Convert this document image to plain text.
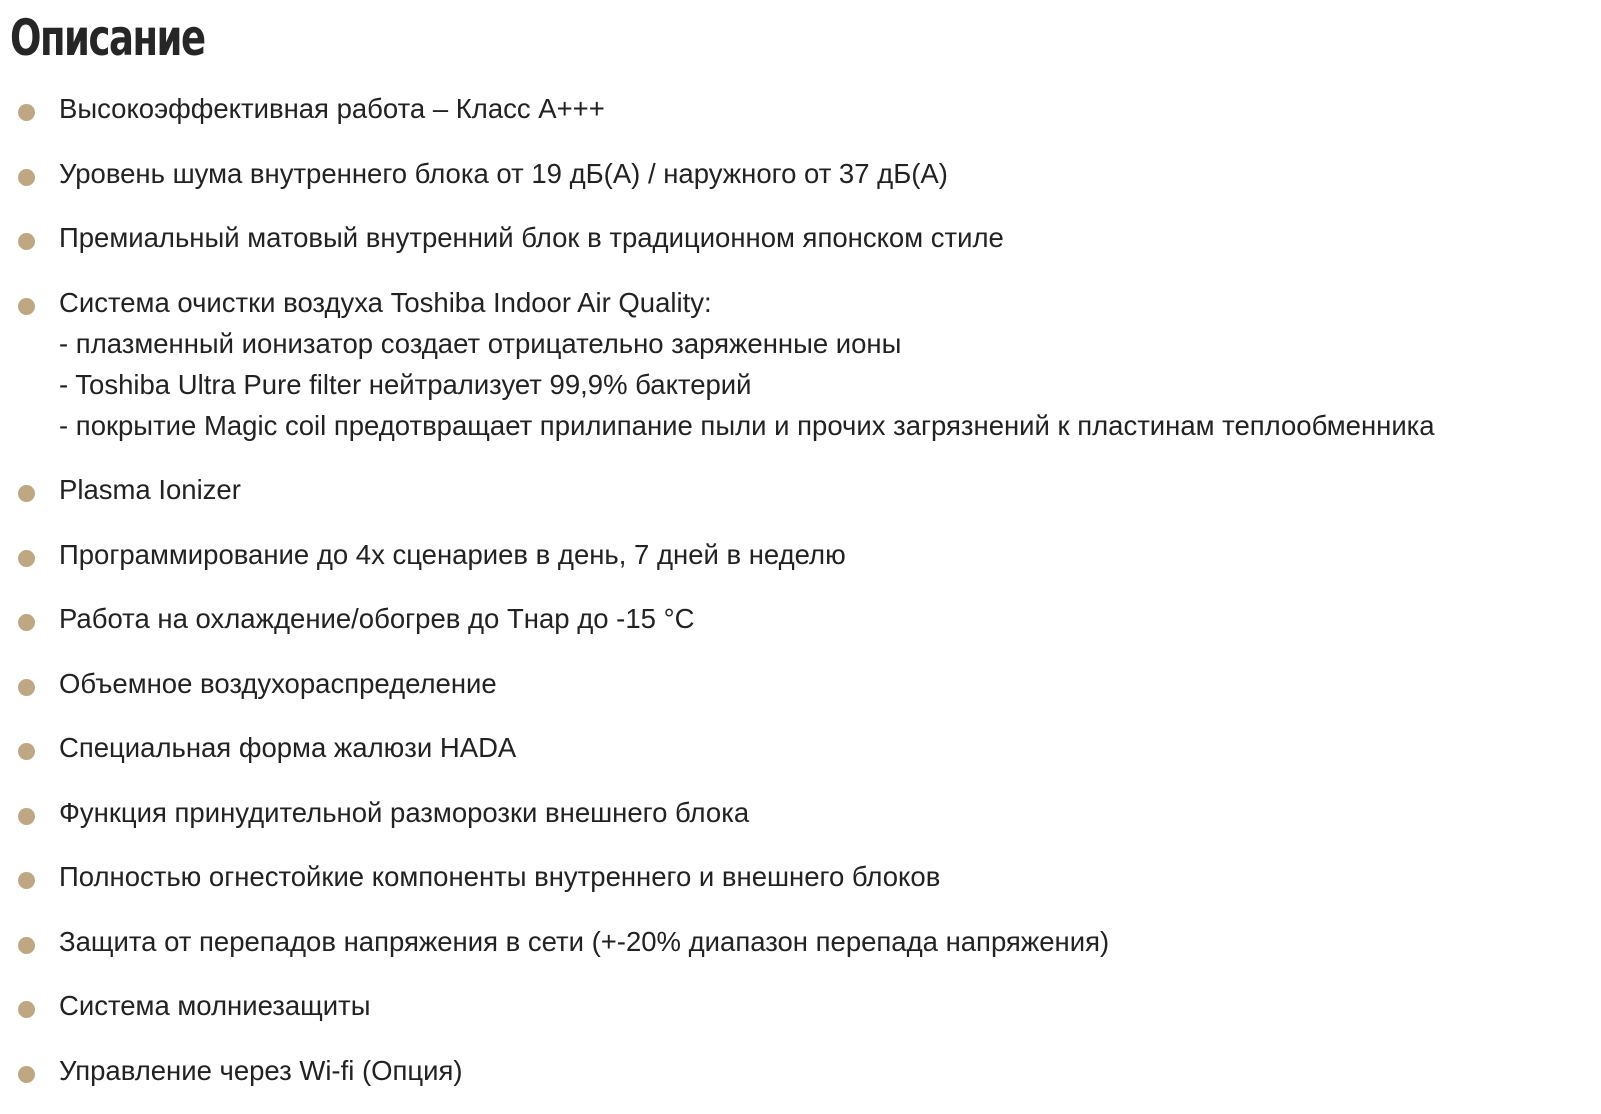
Описание
Высокоэффективная работа – Класс A+++
Уровень шума внутреннего блока от 19 дБ(А) / наружного от 37 дБ(А)
Премиальный матовый внутренний блок в традиционном японском стиле
Система очистки воздуха Toshiba Indoor Air Quality:
- плазменный ионизатор создает отрицательно заряженные ионы
- Toshiba Ultra Pure filter нейтрализует 99,9% бактерий
- покрытие Magic coil предотвращает прилипание пыли и прочих загрязнений к пластинам теплообменника
Plasma Ionizer
Программирование до 4х сценариев в день, 7 дней в неделю
Работа на охлаждение/обогрев до Тнар до -15 °С
Объемное воздухораспределение
Специальная форма жалюзи HADA
Функция принудительной разморозки внешнего блока
Полностью огнестойкие компоненты внутреннего и внешнего блоков
Защита от перепадов напряжения в сети (+-20% диапазон перепада напряжения)
Система молниезащиты
Управление через Wi-fi (Опция)
